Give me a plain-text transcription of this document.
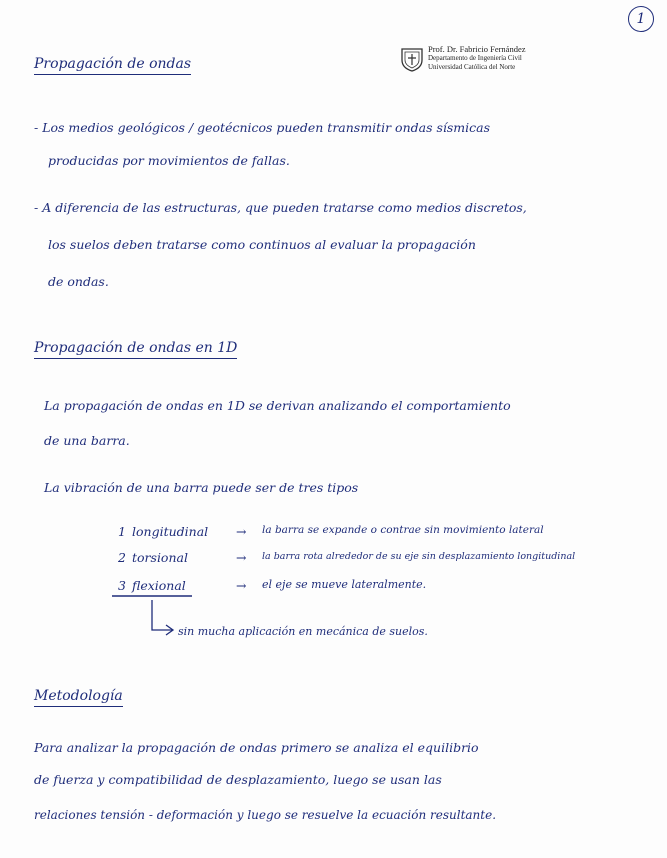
1
Prof. Dr. Fabricio Fernández
Departamento de Ingeniería Civil
Universidad Católica del Norte
Propagación de ondas
- Los medios geológicos / geotécnicos pueden transmitir ondas sísmicas
producidas por movimientos de fallas.
- A diferencia de las estructuras, que pueden tratarse como medios discretos,
los suelos deben tratarse como continuos al evaluar la propagación
de ondas.
Propagación de ondas en 1D
La propagación de ondas en 1D se derivan analizando el comportamiento
de una barra.
La vibración de una barra puede ser de tres tipos
1 longitudinal → la barra se expande o contrae sin movimiento lateral
2 torsional	→ la barra rota alrededor de su eje sin desplazamiento longitudinal
3 flexional	→ el eje se mueve lateralmente.
sin mucha aplicación en mecánica de suelos.
Metodología
Para analizar la propagación de ondas primero se analiza el equilibrio
de fuerza y compatibilidad de desplazamiento, luego se usan las
relaciones tensión - deformación y luego se resuelve la ecuación resultante.
